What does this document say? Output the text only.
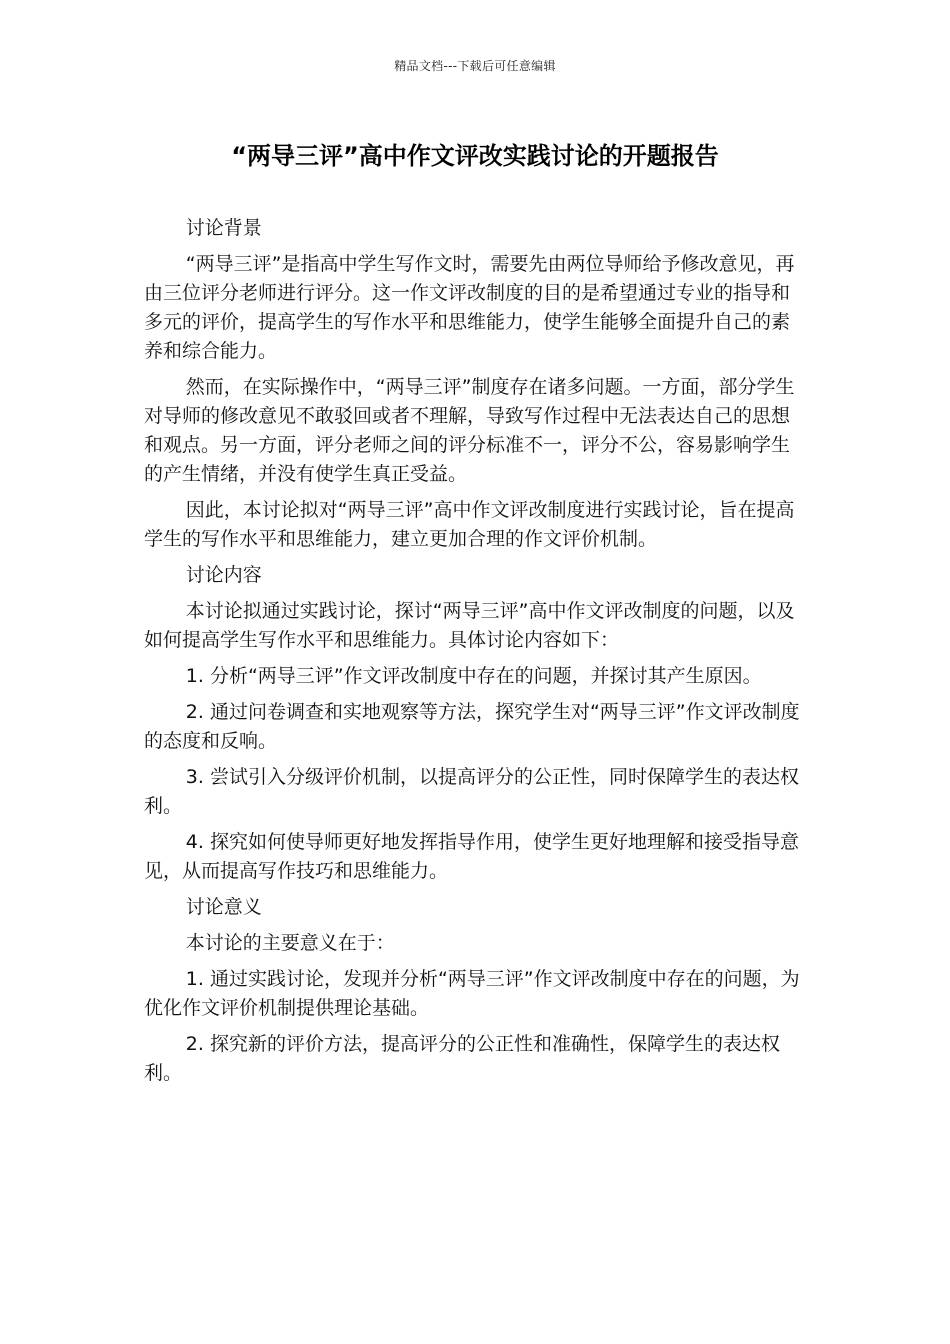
精品文档---下载后可任意编辑
“两导三评”高中作文评改实践讨论的开题报告

讨论背景

“两导三评”是指高中学生写作文时，需要先由两位导师给予修改意见，再由三位评分老师进行评分。这一作文评改制度的目的是希望通过专业的指导和多元的评价，提高学生的写作水平和思维能力，使学生能够全面提升自己的素养和综合能力。

然而，在实际操作中，“两导三评”制度存在诸多问题。一方面，部分学生对导师的修改意见不敢驳回或者不理解，导致写作过程中无法表达自己的思想和观点。另一方面，评分老师之间的评分标准不一，评分不公，容易影响学生的产生情绪，并没有使学生真正受益。

因此，本讨论拟对“两导三评”高中作文评改制度进行实践讨论，旨在提高学生的写作水平和思维能力，建立更加合理的作文评价机制。

讨论内容

本讨论拟通过实践讨论，探讨“两导三评”高中作文评改制度的问题，以及如何提高学生写作水平和思维能力。具体讨论内容如下：

1. 分析“两导三评”作文评改制度中存在的问题，并探讨其产生原因。

2. 通过问卷调查和实地观察等方法，探究学生对“两导三评”作文评改制度的态度和反响。

3. 尝试引入分级评价机制，以提高评分的公正性，同时保障学生的表达权利。

4. 探究如何使导师更好地发挥指导作用，使学生更好地理解和接受指导意见，从而提高写作技巧和思维能力。

讨论意义

本讨论的主要意义在于：

1. 通过实践讨论，发现并分析“两导三评”作文评改制度中存在的问题，为优化作文评价机制提供理论基础。

2. 探究新的评价方法，提高评分的公正性和准确性，保障学生的表达权利。
